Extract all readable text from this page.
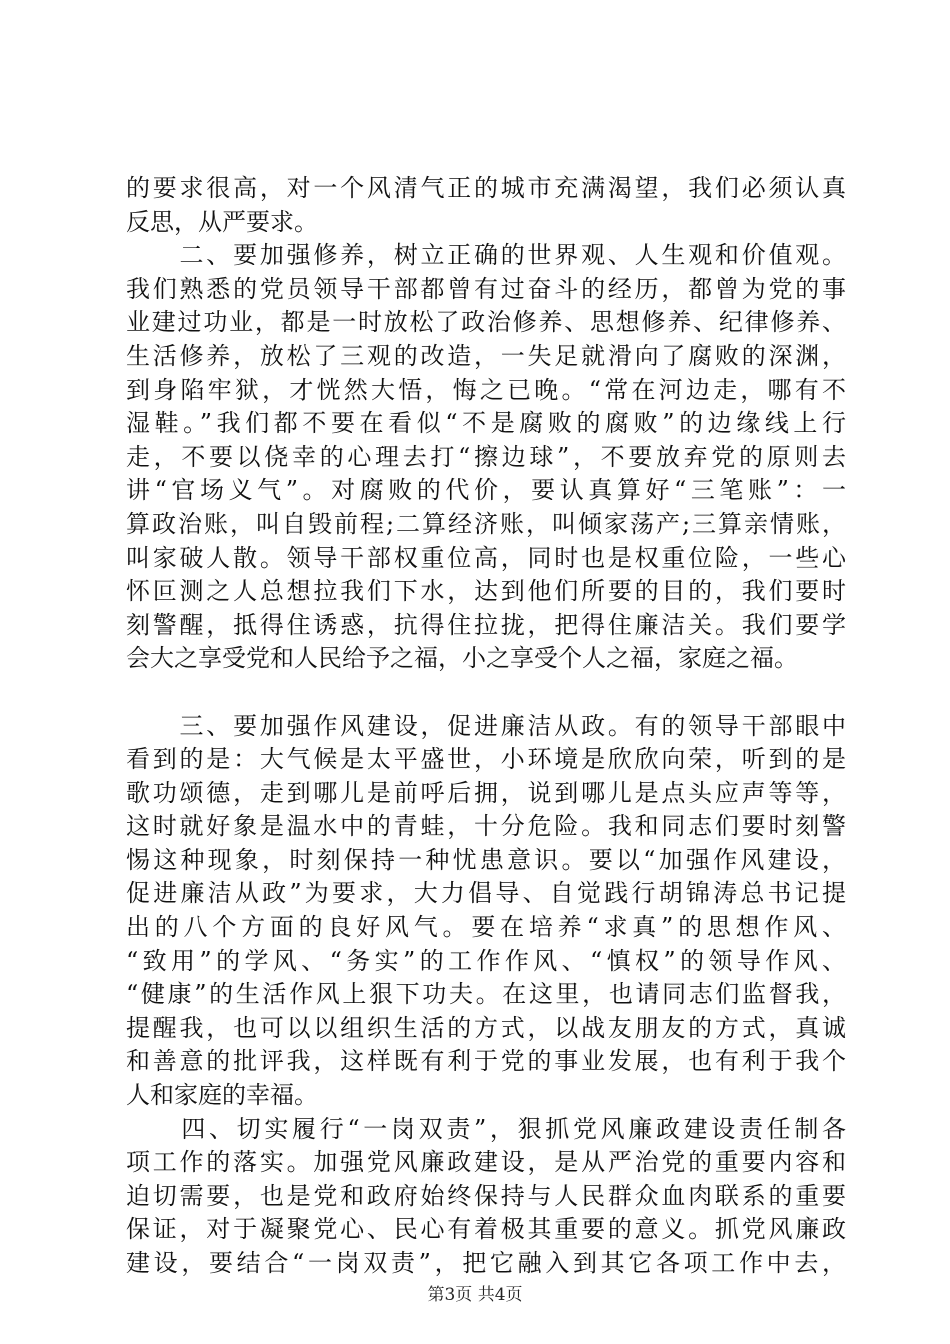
的要求很高，对一个风清气正的城市充满渴望，我们必须认真
反思，从严要求。
　　二、要加强修养，树立正确的世界观、人生观和价值观。
我们熟悉的党员领导干部都曾有过奋斗的经历，都曾为党的事
业建过功业，都是一时放松了政治修养、思想修养、纪律修养、
生活修养，放松了三观的改造，一失足就滑向了腐败的深渊，
到身陷牢狱，才恍然大悟，悔之已晚。“常在河边走，哪有不
湿鞋。”我们都不要在看似“不是腐败的腐败”的边缘线上行
走，不要以侥幸的心理去打“擦边球”，不要放弃党的原则去
讲“官场义气”。对腐败的代价，要认真算好“三笔账”：一
算政治账，叫自毁前程;二算经济账，叫倾家荡产;三算亲情账，
叫家破人散。领导干部权重位高，同时也是权重位险，一些心
怀叵测之人总想拉我们下水，达到他们所要的目的，我们要时
刻警醒，抵得住诱惑，抗得住拉拢，把得住廉洁关。我们要学
会大之享受党和人民给予之福，小之享受个人之福，家庭之福。
　　三、要加强作风建设，促进廉洁从政。有的领导干部眼中
看到的是：大气候是太平盛世，小环境是欣欣向荣，听到的是
歌功颂德，走到哪儿是前呼后拥，说到哪儿是点头应声等等，
这时就好象是温水中的青蛙，十分危险。我和同志们要时刻警
惕这种现象，时刻保持一种忧患意识。要以“加强作风建设，
促进廉洁从政”为要求，大力倡导、自觉践行胡锦涛总书记提
出的八个方面的良好风气。要在培养“求真”的思想作风、
“致用”的学风、“务实”的工作作风、“慎权”的领导作风、
“健康”的生活作风上狠下功夫。在这里，也请同志们监督我，
提醒我，也可以以组织生活的方式，以战友朋友的方式，真诚
和善意的批评我，这样既有利于党的事业发展，也有利于我个
人和家庭的幸福。
　　四、切实履行“一岗双责”，狠抓党风廉政建设责任制各
项工作的落实。加强党风廉政建设，是从严治党的重要内容和
迫切需要，也是党和政府始终保持与人民群众血肉联系的重要
保证，对于凝聚党心、民心有着极其重要的意义。抓党风廉政
建设，要结合“一岗双责”，把它融入到其它各项工作中去，
第3页 共4页
